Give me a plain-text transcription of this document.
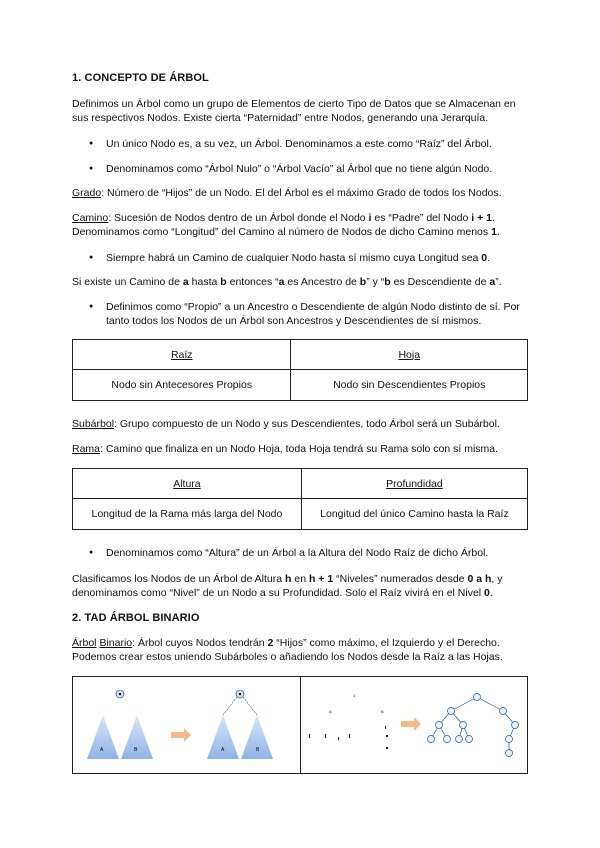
1. CONCEPTO DE ÁRBOL

Definimos un Árbol como un grupo de Elementos de cierto Tipo de Datos que se Almacenan en sus respectivos Nodos. Existe cierta “Paternidad” entre Nodos, generando una Jerarquía.

● Un único Nodo es, a su vez, un Árbol. Denominamos a este como “Raíz” del Árbol.
● Denominamos como “Árbol Nulo” o “Árbol Vacío” al Árbol que no tiene algún Nodo.

Grado: Número de “Hijos” de un Nodo. El del Árbol es el máximo Grado de todos los Nodos.

Camino: Sucesión de Nodos dentro de un Árbol donde el Nodo i es “Padre” del Nodo i + 1. Denominamos como “Longitud” del Camino al número de Nodos de dicho Camino menos 1.

● Siempre habrá un Camino de cualquier Nodo hasta sí mismo cuya Longitud sea 0.

Si existe un Camino de a hasta b entonces “a es Ancestro de b” y “b es Descendiente de a”.

● Definimos como “Propio” a un Ancestro o Descendiente de algún Nodo distinto de sí. Por tanto todos los Nodos de un Árbol son Ancestros y Descendientes de sí mismos.
Raíz	Hoja
Nodo sin Antecesores Propios	Nodo sin Descendientes Propios

Subárbol: Grupo compuesto de un Nodo y sus Descendientes, todo Árbol será un Subárbol.

Rama: Camino que finaliza en un Nodo Hoja, toda Hoja tendrá su Rama solo con sí misma.

Altura	Profundidad
Longitud de la Rama más larga del Nodo	Longitud del único Camino hasta la Raíz
● Denominamos como “Altura” de un Árbol a la Altura del Nodo Raíz de dicho Árbol.

Clasificamos los Nodos de un Árbol de Altura h en h + 1 “Niveles” numerados desde 0 a h, y denominamos como “Nivel” de un Nodo a su Profundidad. Solo el Raíz vivirá en el Nivel 0.

2. TAD ÁRBOL BINARIO

Árbol Binario: Árbol cuyos Nodos tendrán 2 “Hijos” como máximo, el Izquierdo y el Derecho. Podemos crear estos uniendo Subárboles o añadiendo los Nodos desde la Raíz a las Hojas.

A	B	A	B
1
A	B
